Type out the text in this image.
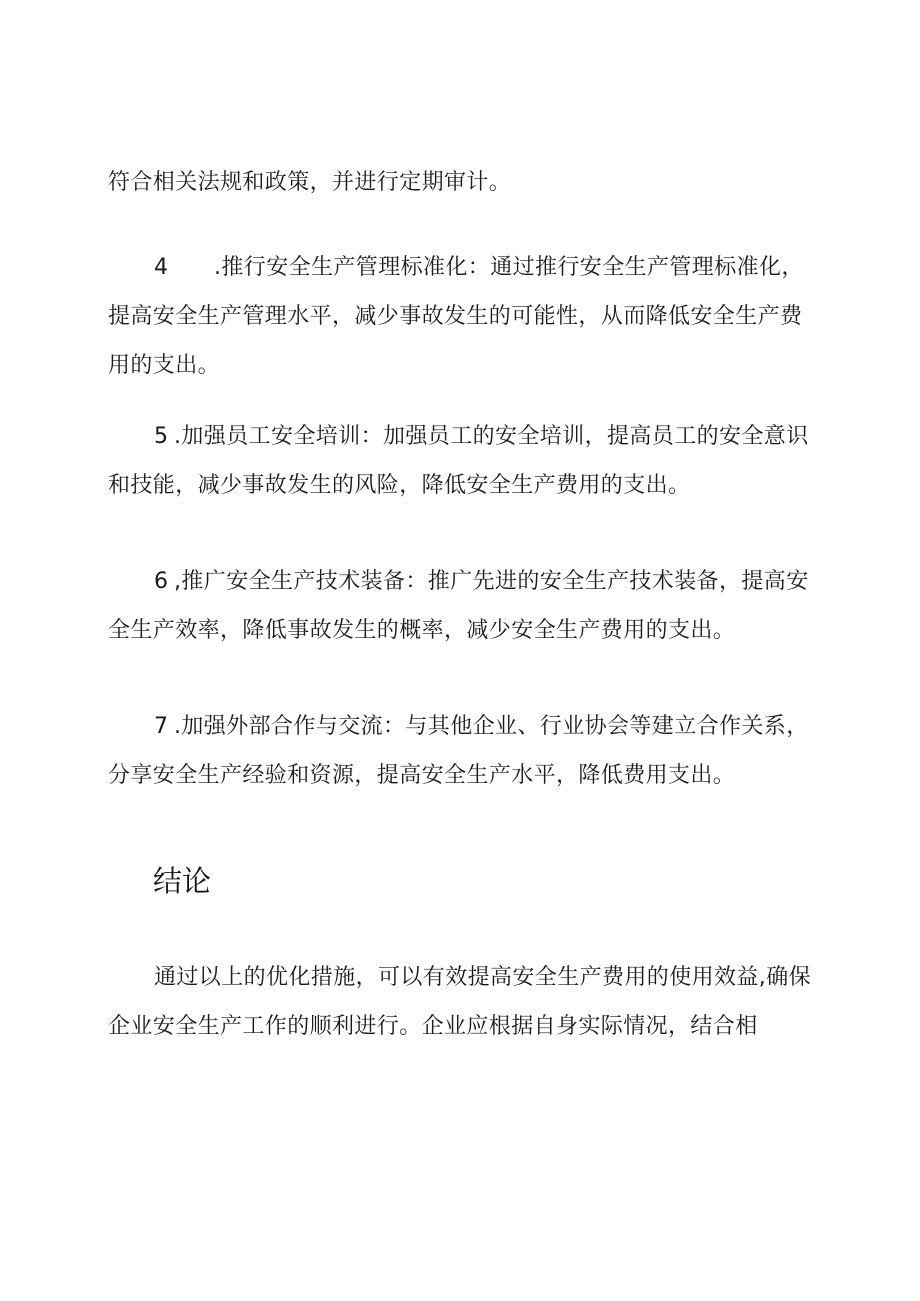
符合相关法规和政策，并进行定期审计。

4 .推行安全生产管理标准化：通过推行安全生产管理标准化，提高安全生产管理水平，减少事故发生的可能性，从而降低安全生产费用的支出。

5 .加强员工安全培训：加强员工的安全培训，提高员工的安全意识和技能，减少事故发生的风险，降低安全生产费用的支出。

6 ,推广安全生产技术装备：推广先进的安全生产技术装备，提高安全生产效率，降低事故发生的概率，减少安全生产费用的支出。

7 .加强外部合作与交流：与其他企业、行业协会等建立合作关系，分享安全生产经验和资源，提高安全生产水平，降低费用支出。

结论

通过以上的优化措施，可以有效提高安全生产费用的使用效益,确保企业安全生产工作的顺利进行。企业应根据自身实际情况，结合相
